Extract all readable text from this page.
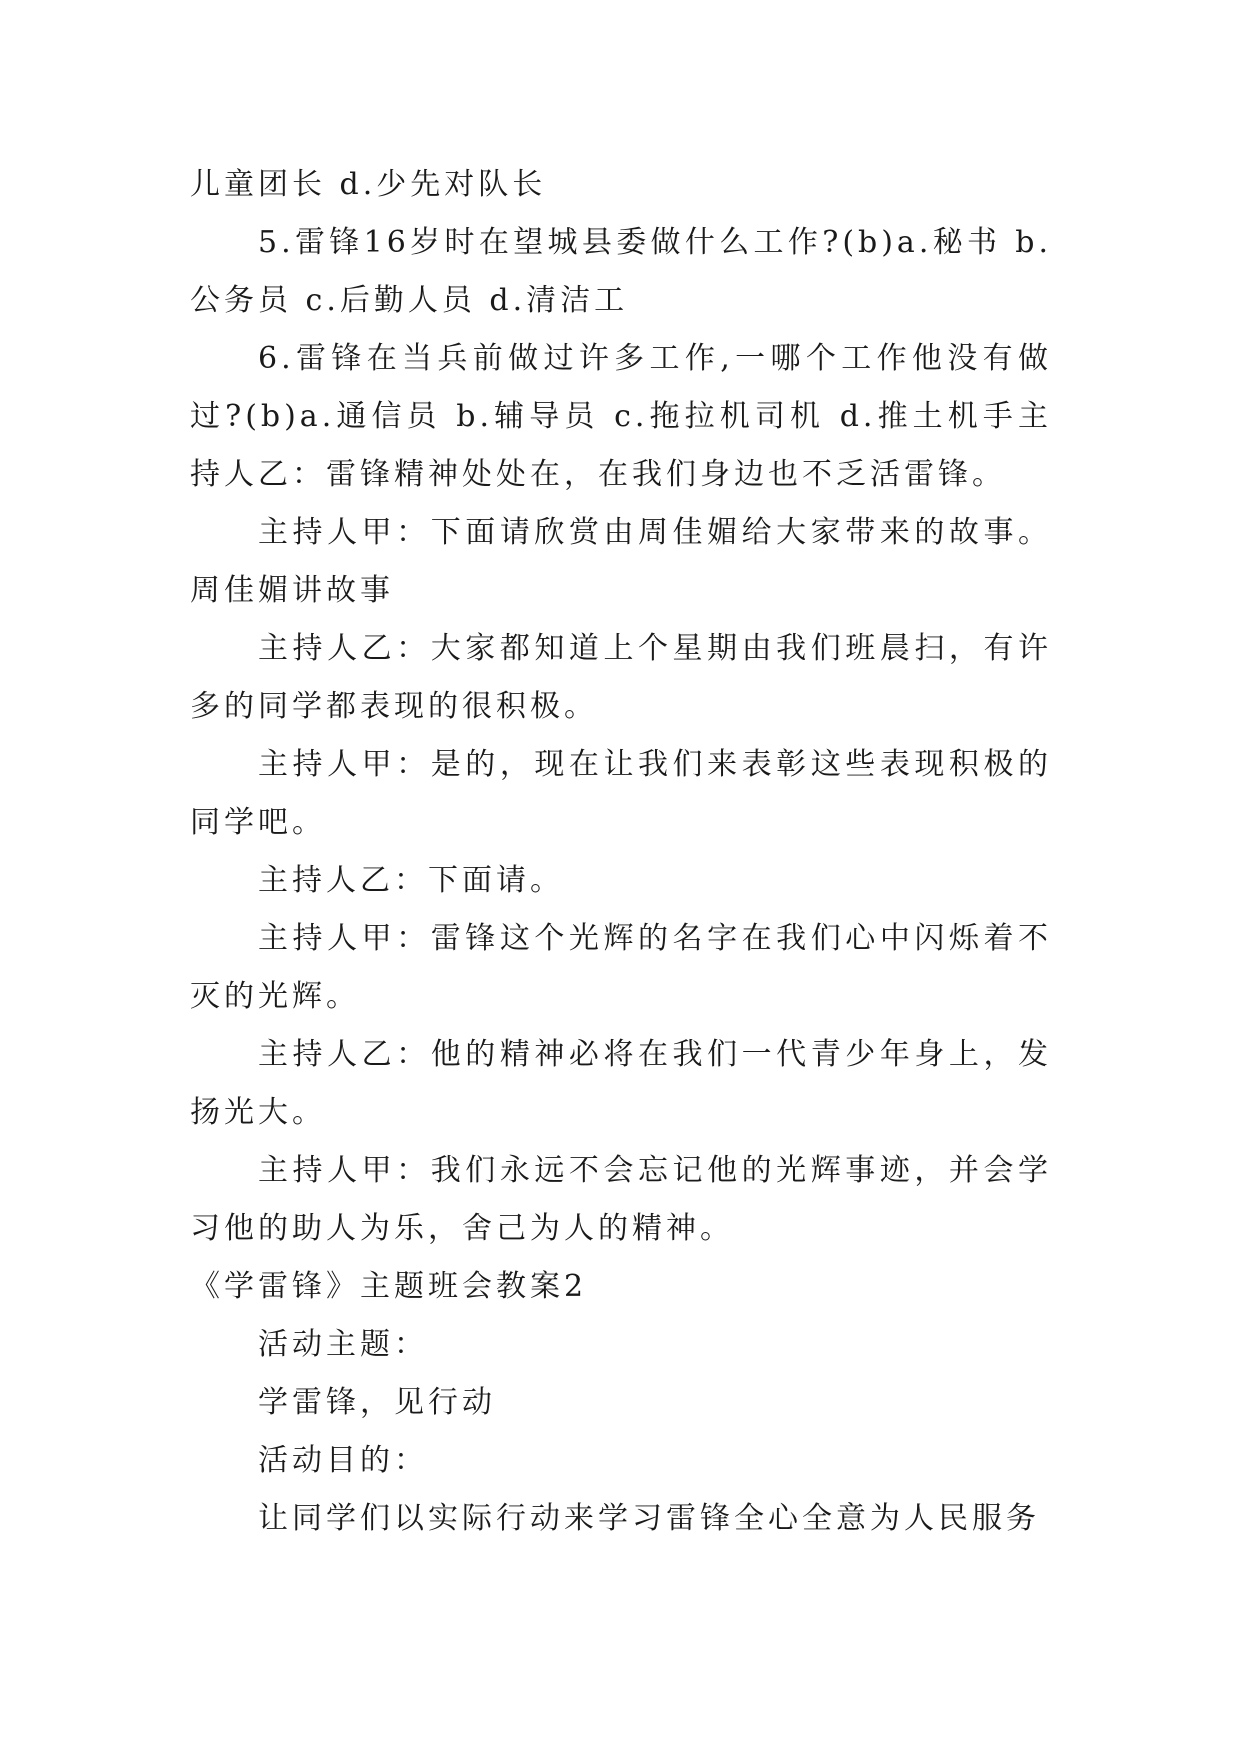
儿童团长 d.少先对队长

5.雷锋16岁时在望城县委做什么工作?(b)a.秘书 b.公务员 c.后勤人员 d.清洁工

6.雷锋在当兵前做过许多工作,一哪个工作他没有做过?(b)a.通信员 b.辅导员 c.拖拉机司机 d.推土机手主持人乙：雷锋精神处处在，在我们身边也不乏活雷锋。

主持人甲：下面请欣赏由周佳媚给大家带来的故事。周佳媚讲故事

主持人乙：大家都知道上个星期由我们班晨扫，有许多的同学都表现的很积极。

主持人甲：是的，现在让我们来表彰这些表现积极的同学吧。

主持人乙：下面请。

主持人甲：雷锋这个光辉的名字在我们心中闪烁着不灭的光辉。

主持人乙：他的精神必将在我们一代青少年身上，发扬光大。

主持人甲：我们永远不会忘记他的光辉事迹，并会学习他的助人为乐，舍己为人的精神。

《学雷锋》主题班会教案2

活动主题：

学雷锋，见行动

活动目的：

让同学们以实际行动来学习雷锋全心全意为人民服务
